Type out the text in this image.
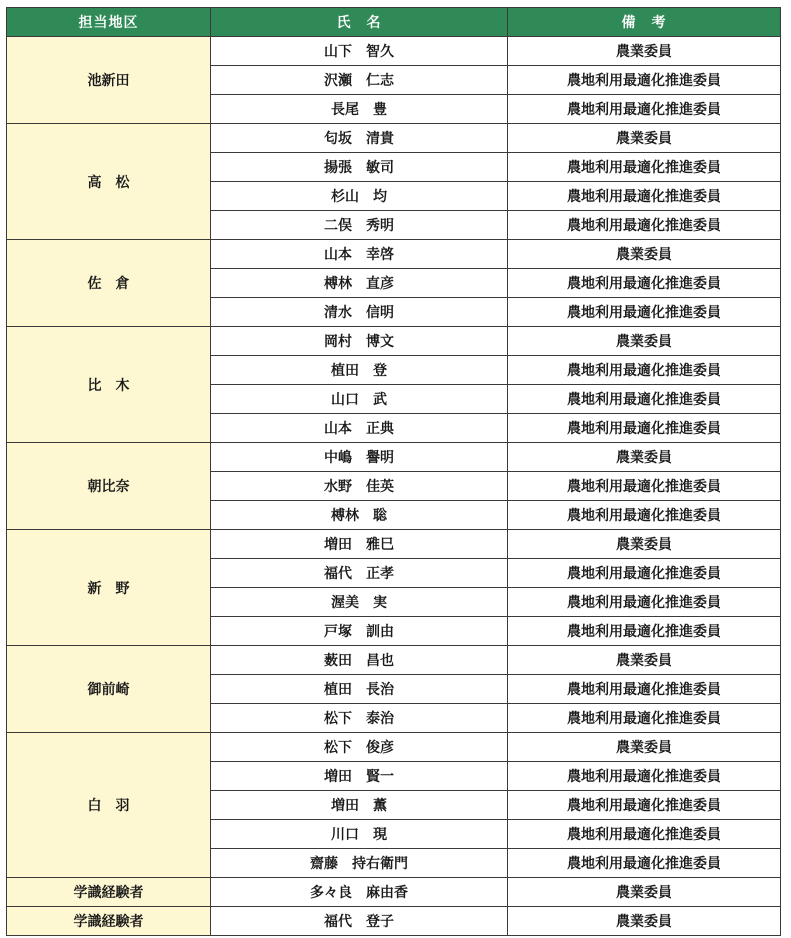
担当地区	氏　名	備　考
池新田	山下　智久	農業委員
	沢瀬　仁志	農地利用最適化推進委員
	長尾　豊	農地利用最適化推進委員
高　松	匂坂　清貴	農業委員
	揚張　敏司	農地利用最適化推進委員
	杉山　均	農地利用最適化推進委員
	二俣　秀明	農地利用最適化推進委員
佐　倉	山本　幸啓	農業委員
	榑林　直彦	農地利用最適化推進委員
	清水　信明	農地利用最適化推進委員
比　木	岡村　博文	農業委員
	植田　登	農地利用最適化推進委員
	山口　武	農地利用最適化推進委員
	山本　正典	農地利用最適化推進委員
朝比奈	中嶋　譽明	農業委員
	水野　佳英	農地利用最適化推進委員
	榑林　聡	農地利用最適化推進委員
新　野	増田　雅巳	農業委員
	福代　正孝	農地利用最適化推進委員
	渥美　実	農地利用最適化推進委員
	戸塚　訓由	農地利用最適化推進委員
御前崎	薮田　昌也	農業委員
	植田　長治	農地利用最適化推進委員
	松下　泰治	農地利用最適化推進委員
白　羽	松下　俊彦	農業委員
	増田　賢一	農地利用最適化推進委員
	増田　薫	農地利用最適化推進委員
	川口　現	農地利用最適化推進委員
	齋藤　持右衛門	農地利用最適化推進委員
学識経験者	多々良　麻由香	農業委員
学識経験者	福代　登子	農業委員
